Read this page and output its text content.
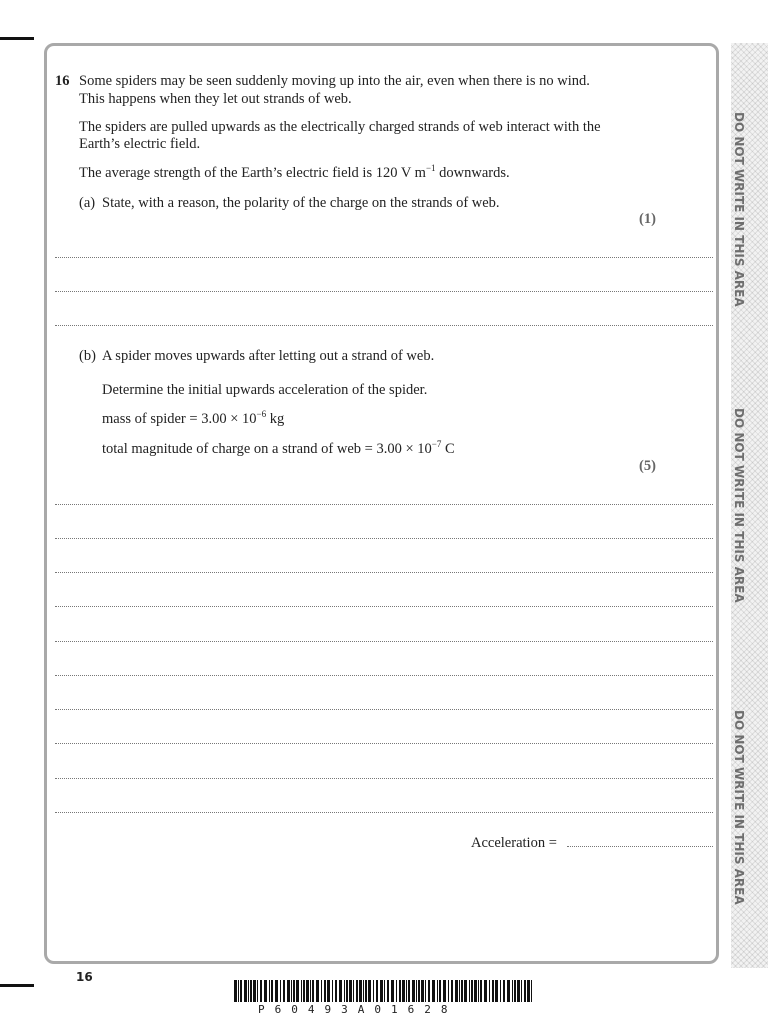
16 Some spiders may be seen suddenly moving up into the air, even when there is no wind.
This happens when they let out strands of web.
The spiders are pulled upwards as the electrically charged strands of web interact with the
Earth’s electric field.
The average strength of the Earth’s electric field is 120 V $m^{-1}$ downwards.
(a) State, with a reason, the polarity of the charge on the strands of web.
(1)
(b) A spider moves upwards after letting out a strand of web.
Determine the initial upwards acceleration of the spider.
mass of spider = $3.00 \times 10^{-6}$ kg
total magnitude of charge on a strand of web = $3.00 \times 10^{-7}$ C
(5)
Acceleration =
16
P60493A01628
